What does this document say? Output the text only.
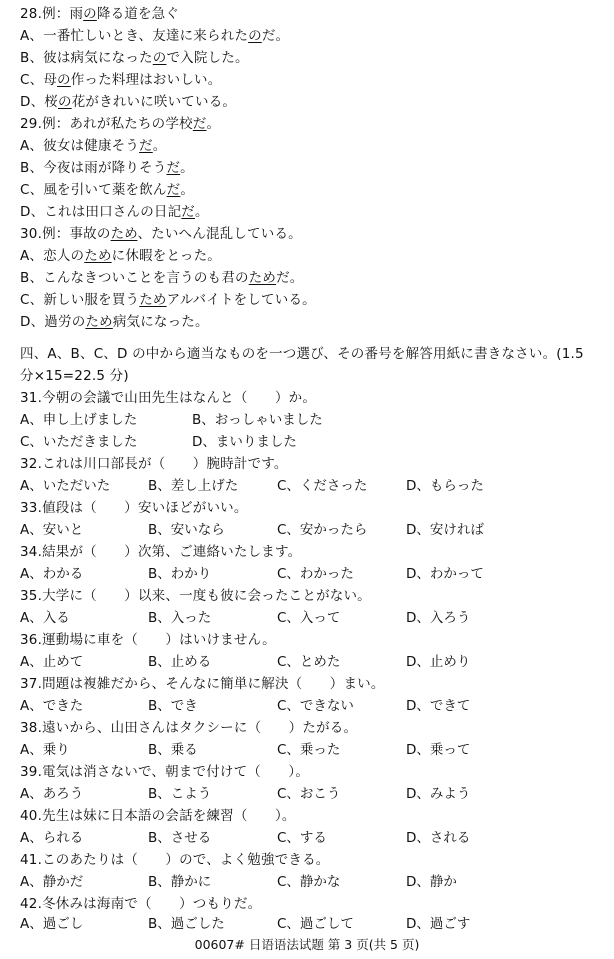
28.例：雨の降る道を急ぐ
A、一番忙しいとき、友達に来られたのだ。
B、彼は病気になったので入院した。
C、母の作った料理はおいしい。
D、桜の花がきれいに咲いている。
29.例：あれが私たちの学校だ。
A、彼女は健康そうだ。
B、今夜は雨が降りそうだ。
C、風を引いて薬を飲んだ。
D、これは田口さんの日記だ。
30.例：事故のため、たいへん混乱している。
A、恋人のために休暇をとった。
B、こんなきついことを言うのも君のためだ。
C、新しい服を買うためアルバイトをしている。
D、過労のため病気になった。
四、A、B、C、D の中から適当なものを一つ選び、その番号を解答用紙に書きなさい。(1.5
分×15=22.5 分)
31.今朝の会議で山田先生はなんと（　　）か。
A、申し上げました	B、おっしゃいました
C、いただきました	D、まいりました
32.これは川口部長が（　　）腕時計です。
A、いただいた	B、差し上げた	C、くださった	D、もらった
33.値段は（　　）安いほどがいい。
A、安いと	B、安いなら	C、安かったら	D、安ければ
34.結果が（　　）次第、ご連絡いたします。
A、わかる	B、わかり	C、わかった	D、わかって
35.大学に（　　）以来、一度も彼に会ったことがない。
A、入る	B、入った	C、入って	D、入ろう
36.運動場に車を（　　）はいけません。
A、止めて	B、止める	C、とめた	D、止めり
37.問題は複雑だから、そんなに簡単に解決（　　）まい。
A、できた	B、でき	C、できない	D、できて
38.遠いから、山田さんはタクシーに（　　）たがる。
A、乗り	B、乗る	C、乗った	D、乗って
39.電気は消さないで、朝まで付けて（　　）。
A、あろう	B、こよう	C、おこう	D、みよう
40.先生は妹に日本語の会話を練習（　　）。
A、られる	B、させる	C、する	D、される
41.このあたりは（　　）ので、よく勉強できる。
A、静かだ	B、静かに	C、静かな	D、静か
42.冬休みは海南で（　　）つもりだ。
A、過ごし	B、過ごした	C、過ごして	D、過ごす
00607# 日语语法试题 第 3 页(共 5 页)
